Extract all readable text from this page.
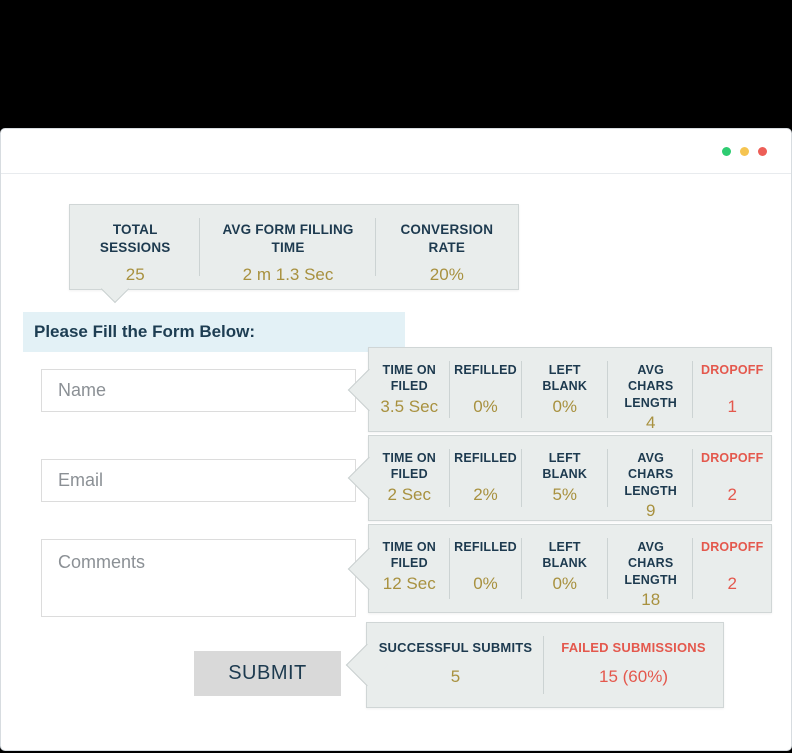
TOTAL SESSIONS
25
AVG FORM FILLING TIME
2 m 1.3 Sec
CONVERSION RATE
20%
Please Fill the Form Below:
Name
Email
Comments
SUBMIT
TIME ON FILED
3.5 Sec
REFILLED
0%
LEFT BLANK
0%
AVG CHARS LENGTH
4
DROPOFF
1
TIME ON FILED
2 Sec
REFILLED
2%
LEFT BLANK
5%
AVG CHARS LENGTH
9
DROPOFF
2
TIME ON FILED
12 Sec
REFILLED
0%
LEFT BLANK
0%
AVG CHARS LENGTH
18
DROPOFF
2
SUCCESSFUL SUBMITS
5
FAILED SUBMISSIONS
15 (60%)
